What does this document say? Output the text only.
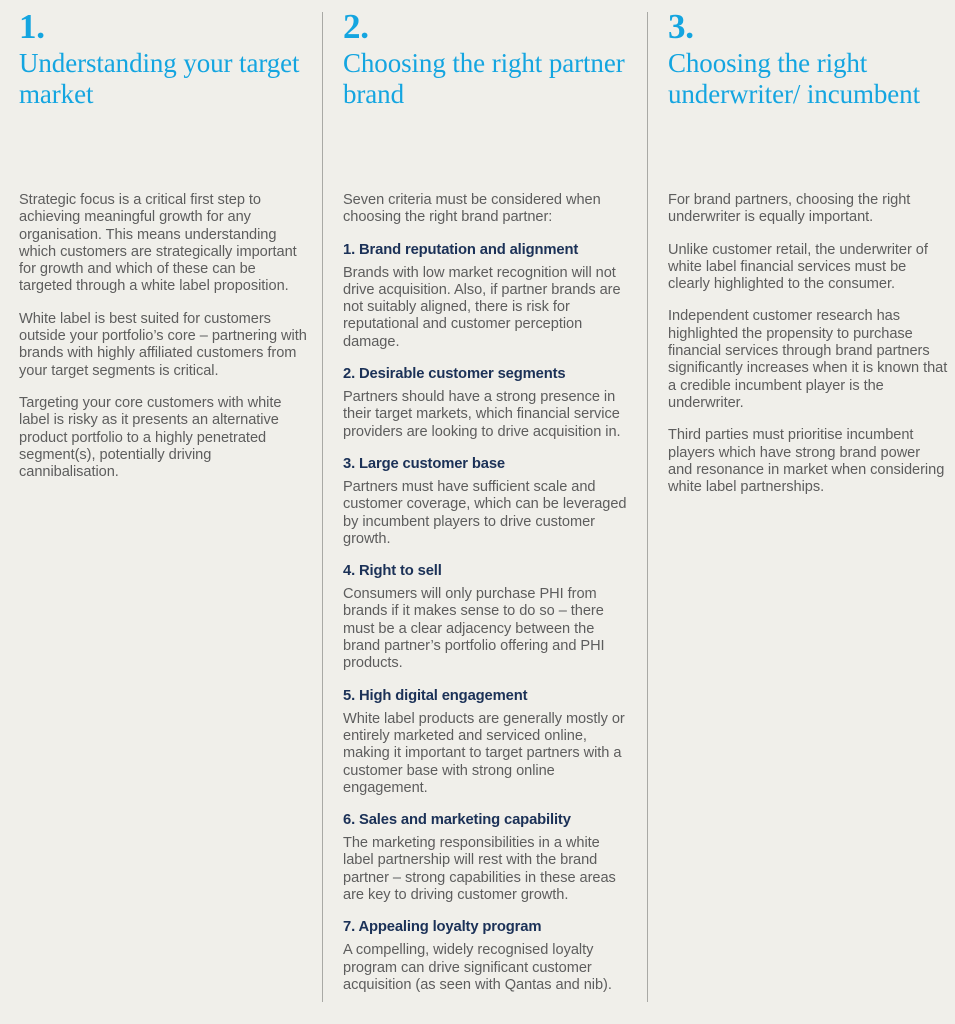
1.
Understanding your target market

Strategic focus is a critical first step to achieving meaningful growth for any organisation. This means understanding which customers are strategically important for growth and which of these can be targeted through a white label proposition.

White label is best suited for customers outside your portfolio’s core – partnering with brands with highly affiliated customers from your target segments is critical.

Targeting your core customers with white label is risky as it presents an alternative product portfolio to a highly penetrated segment(s), potentially driving cannibalisation.

2.
Choosing the right partner brand

Seven criteria must be considered when choosing the right brand partner:

1. Brand reputation and alignment

Brands with low market recognition will not drive acquisition. Also, if partner brands are not suitably aligned, there is risk for reputational and customer perception damage.

2. Desirable customer segments

Partners should have a strong presence in their target markets, which financial service providers are looking to drive acquisition in.

3. Large customer base

Partners must have sufficient scale and customer coverage, which can be leveraged by incumbent players to drive customer growth.

4. Right to sell

Consumers will only purchase PHI from brands if it makes sense to do so – there must be a clear adjacency between the brand partner’s portfolio offering and PHI products.

5. High digital engagement

White label products are generally mostly or entirely marketed and serviced online, making it important to target partners with a customer base with strong online engagement.

6. Sales and marketing capability

The marketing responsibilities in a white label partnership will rest with the brand partner – strong capabilities in these areas are key to driving customer growth.

7. Appealing loyalty program

A compelling, widely recognised loyalty program can drive significant customer acquisition (as seen with Qantas and nib).

3.
Choosing the right underwriter/ incumbent

For brand partners, choosing the right underwriter is equally important.

Unlike customer retail, the underwriter of white label financial services must be clearly highlighted to the consumer.

Independent customer research has highlighted the propensity to purchase financial services through brand partners significantly increases when it is known that a credible incumbent player is the underwriter.

Third parties must prioritise incumbent players which have strong brand power and resonance in market when considering white label partnerships.
